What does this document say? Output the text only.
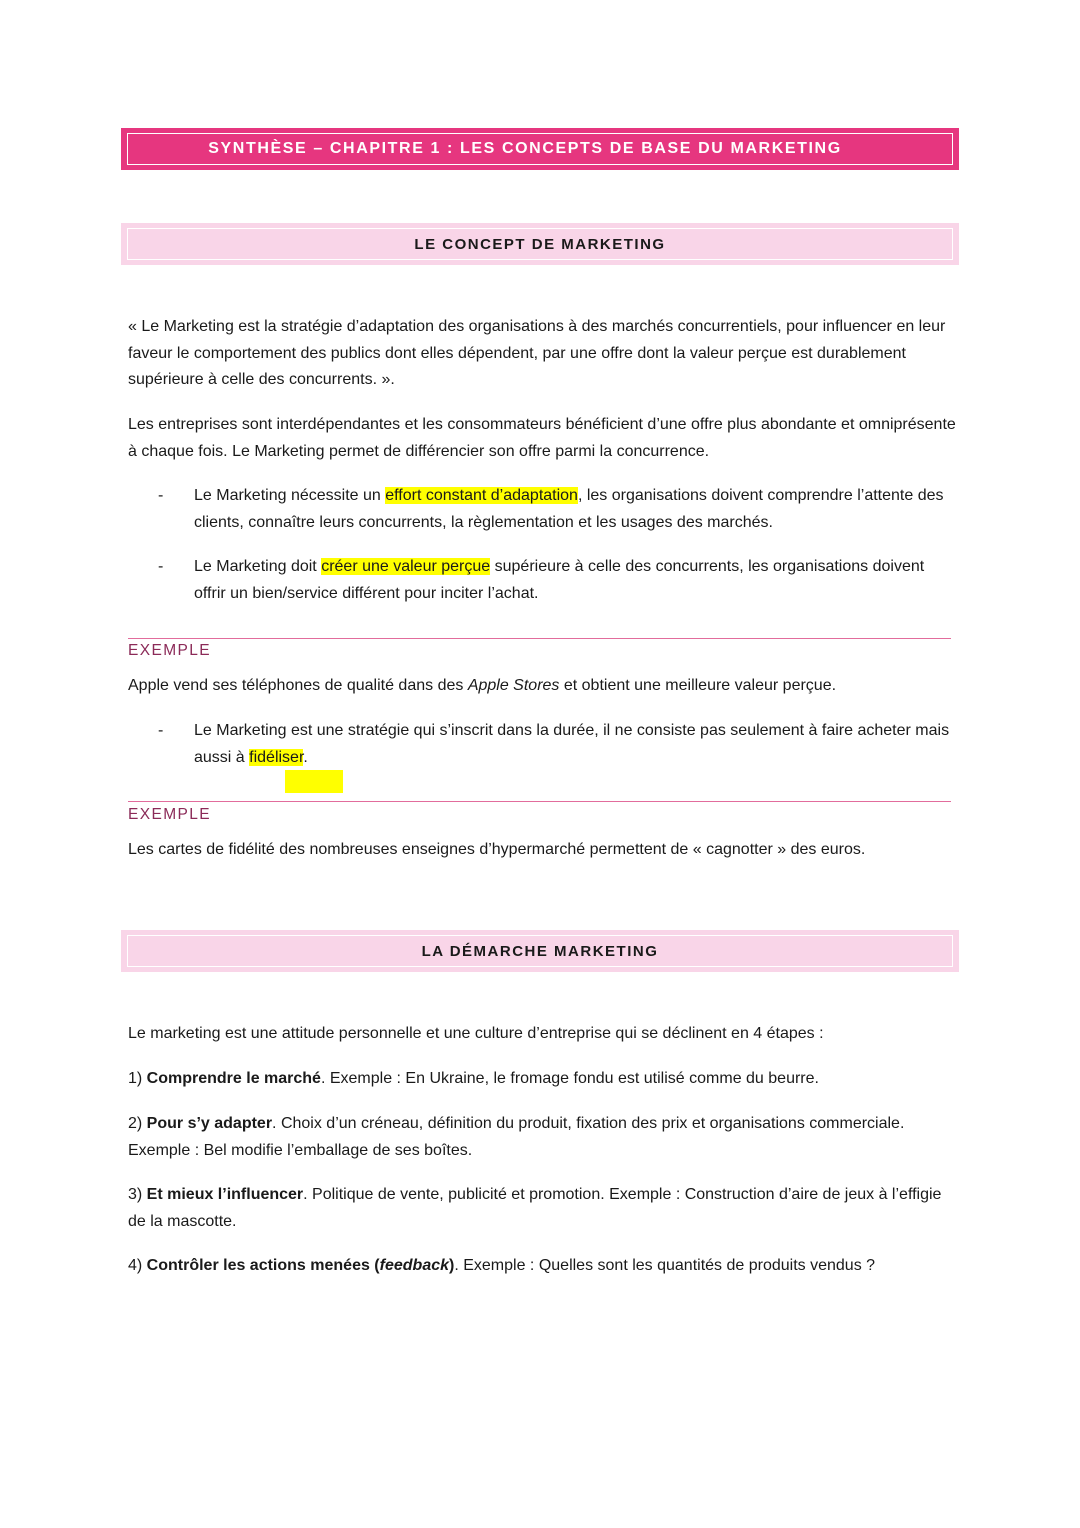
SYNTHÈSE – CHAPITRE 1 : LES CONCEPTS DE BASE DU MARKETING
LE CONCEPT DE MARKETING

« Le Marketing est la stratégie d’adaptation des organisations à des marchés concurrentiels, pour influencer en leur faveur le comportement des publics dont elles dépendent, par une offre dont la valeur perçue est durablement supérieure à celle des concurrents. ».

Les entreprises sont interdépendantes et les consommateurs bénéficient d’une offre plus abondante et omniprésente à chaque fois. Le Marketing permet de différencier son offre parmi la concurrence.

- Le Marketing nécessite un effort constant d’adaptation, les organisations doivent comprendre l’attente des clients, connaître leurs concurrents, la règlementation et les usages des marchés.
- Le Marketing doit créer une valeur perçue supérieure à celle des concurrents, les organisations doivent offrir un bien/service différent pour inciter l’achat.
EXEMPLE

Apple vend ses téléphones de qualité dans des Apple Stores et obtient une meilleure valeur perçue.

- Le Marketing est une stratégie qui s’inscrit dans la durée, il ne consiste pas seulement à faire acheter mais aussi à fidéliser.
EXEMPLE

Les cartes de fidélité des nombreuses enseignes d’hypermarché permettent de « cagnotter » des euros.

LA DÉMARCHE MARKETING

Le marketing est une attitude personnelle et une culture d’entreprise qui se déclinent en 4 étapes :

1) Comprendre le marché. Exemple : En Ukraine, le fromage fondu est utilisé comme du beurre.

2) Pour s’y adapter. Choix d’un créneau, définition du produit, fixation des prix et organisations commerciale. Exemple : Bel modifie l’emballage de ses boîtes.

3) Et mieux l’influencer. Politique de vente, publicité et promotion. Exemple : Construction d’aire de jeux à l’effigie de la mascotte.

4) Contrôler les actions menées (feedback). Exemple : Quelles sont les quantités de produits vendus ?
